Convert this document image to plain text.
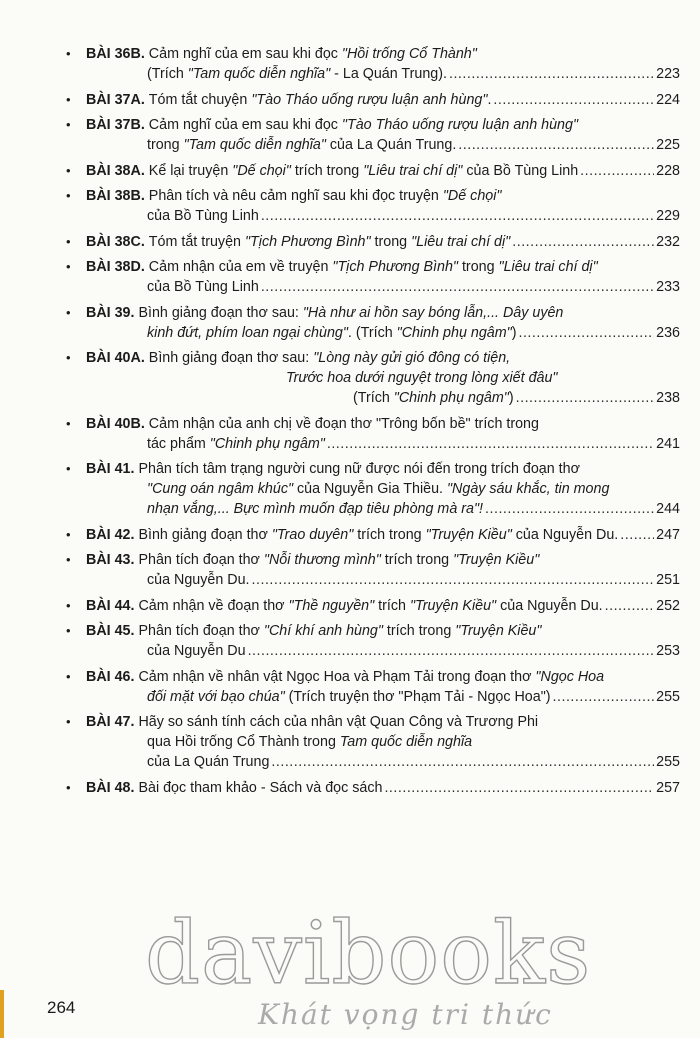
• BÀI 36B. Cảm nghĩ của em sau khi đọc "Hồi trống Cổ Thành"
(Trích "Tam quốc diễn nghĩa" - La Quán Trung). .....	223
• BÀI 37A. Tóm tắt chuyện "Tào Tháo uống rượu luận anh hùng". .....	224
• BÀI 37B. Cảm nghĩ của em sau khi đọc "Tào Tháo uống rượu luận anh hùng"
trong "Tam quốc diễn nghĩa" của La Quán Trung. .....	225
• BÀI 38A. Kể lại truyện "Dế chọi" trích trong "Liêu trai chí dị" của Bồ Tùng Linh .....	228
• BÀI 38B. Phân tích và nêu cảm nghĩ sau khi đọc truyện "Dế chọi"
của Bồ Tùng Linh .....	229
• BÀI 38C. Tóm tắt truyện "Tịch Phương Bình" trong "Liêu trai chí dị" .....	232
• BÀI 38D. Cảm nhận của em về truyện "Tịch Phương Bình" trong "Liêu trai chí dị"
của Bồ Tùng Linh .....	233
• BÀI 39. Bình giảng đoạn thơ sau: "Hà như ai hồn say bóng lẫn,... Dây uyên
kinh đứt, phím loan ngại chùng". (Trích "Chinh phụ ngâm") .....	236
• BÀI 40A. Bình giảng đoạn thơ sau: "Lòng này gửi gió đông có tiện,
Trước hoa dưới nguyệt trong lòng xiết đâu"
(Trích "Chinh phụ ngâm") .....	238
• BÀI 40B. Cảm nhận của anh chị về đoạn thơ "Trông bốn bề" trích trong
tác phẩm "Chinh phụ ngâm" .....	241
• BÀI 41. Phân tích tâm trạng người cung nữ được nói đến trong trích đoạn thơ
"Cung oán ngâm khúc" của Nguyễn Gia Thiều. "Ngày sáu khắc, tin mong
nhạn vắng,... Bực mình muốn đạp tiêu phòng mà ra"! .....	244
• BÀI 42. Bình giảng đoạn thơ "Trao duyên" trích trong "Truyện Kiều" của Nguyễn Du. .....	247
• BÀI 43. Phân tích đoạn thơ "Nỗi thương mình" trích trong "Truyện Kiều"
của Nguyễn Du. .....	251
• BÀI 44. Cảm nhận về đoạn thơ "Thề nguyền" trích "Truyện Kiều" của Nguyễn Du. .....	252
• BÀI 45. Phân tích đoạn thơ "Chí khí anh hùng" trích trong "Truyện Kiều"
của Nguyễn Du .....	253
• BÀI 46. Cảm nhận về nhân vật Ngọc Hoa và Phạm Tải trong đoạn thơ "Ngọc Hoa
đối mặt với bạo chúa" (Trích truyện thơ "Phạm Tải - Ngọc Hoa") .....	255
• BÀI 47. Hãy so sánh tính cách của nhân vật Quan Công và Trương Phi
qua Hồi trống Cổ Thành trong Tam quốc diễn nghĩa
của La Quán Trung .....	255
• BÀI 48. Bài đọc tham khảo - Sách và đọc sách .....	257
264
davibooks
Khát vọng tri thức
